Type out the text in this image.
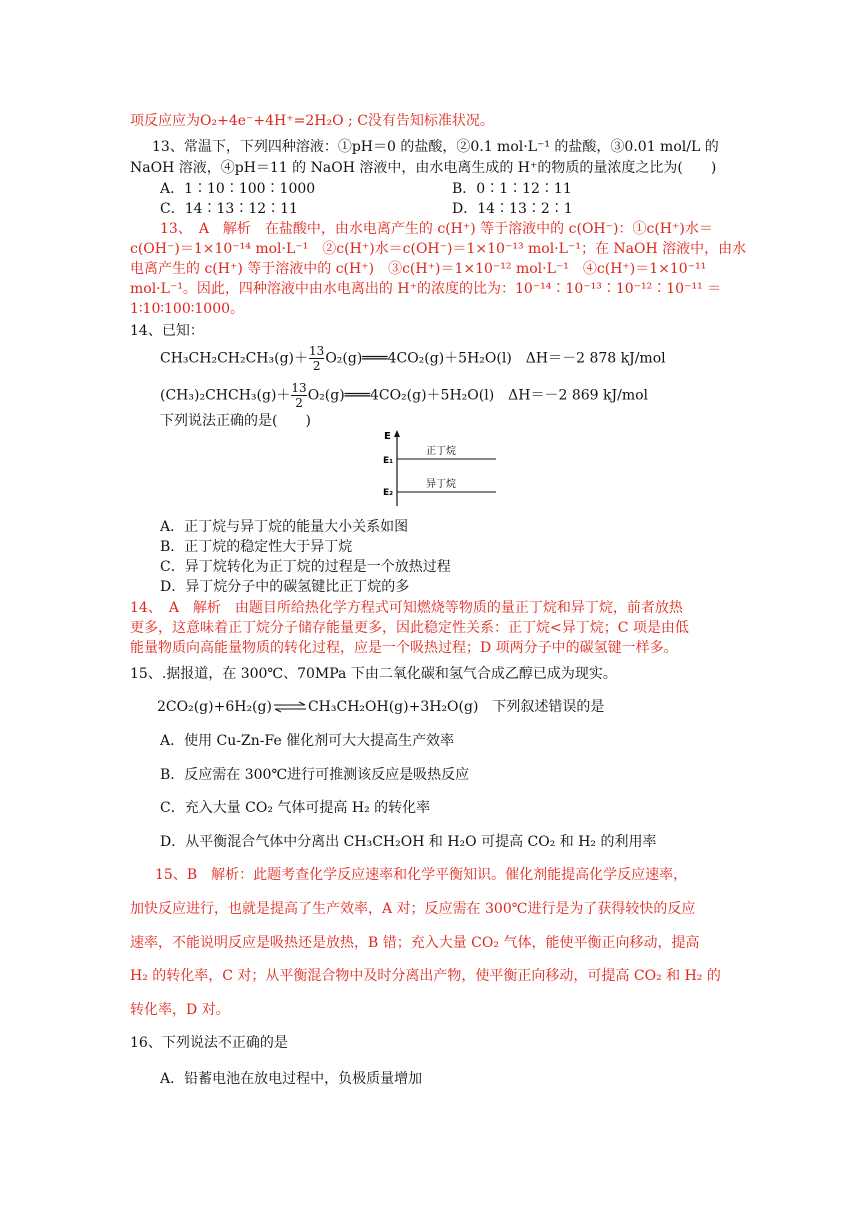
项反应应为O₂+4e⁻+4H⁺=2H₂O ; C没有告知标准状况。
13、常温下，下列四种溶液：①pH＝0 的盐酸，②0.1 mol·L⁻¹ 的盐酸，③0.01 mol/L 的
NaOH 溶液，④pH＝11 的 NaOH 溶液中，由水电离生成的 H⁺的物质的量浓度之比为(　　)
A．1∶10∶100∶1000	B．0∶1∶12∶11
C．14∶13∶12∶11	D．14∶13∶2∶1
13、　A　解析　在盐酸中，由水电离产生的 c(H⁺) 等于溶液中的 c(OH⁻)：①c(H⁺)水＝
c(OH⁻)＝1×10⁻¹⁴ mol·L⁻¹　②c(H⁺)水＝c(OH⁻)＝1×10⁻¹³ mol·L⁻¹；在 NaOH 溶液中，由水
电离产生的 c(H⁺) 等于溶液中的 c(H⁺)　③c(H⁺)＝1×10⁻¹² mol·L⁻¹　④c(H⁺)＝1×10⁻¹¹
mol·L⁻¹。因此，四种溶液中由水电离出的 H⁺的浓度的比为：10⁻¹⁴∶10⁻¹³∶10⁻¹²∶10⁻¹¹ ＝
1∶10∶100∶1000。
14、已知：
$CH_3CH_2CH_2CH_3(g)+ \frac{13}{2}$ O₂(g)═══4CO₂(g)＋5H₂O(l)　ΔH＝－2 878 kJ/mol
(CH₃)₂CHCH₃(g)＋ $\frac{13}{2}$ O₂(g)═══4CO₂(g)＋5H₂O(l)　ΔH＝－2 869 kJ/mol
下列说法正确的是(　　)
E
E₁
E₂
正丁烷
异丁烷
A．正丁烷与异丁烷的能量大小关系如图
B．正丁烷的稳定性大于异丁烷
C．异丁烷转化为正丁烷的过程是一个放热过程
D．异丁烷分子中的碳氢键比正丁烷的多
14、　A　解析　由题目所给热化学方程式可知燃烧等物质的量正丁烷和异丁烷，前者放热
更多，这意味着正丁烷分子储存能量更多，因此稳定性关系：正丁烷<异丁烷；C 项是由低
能量物质向高能量物质的转化过程，应是一个吸热过程；D 项两分子中的碳氢键一样多。
15、.据报道，在 300℃、70MPa 下由二氧化碳和氢气合成乙醇已成为现实。
2CO₂(g)+6H₂(g)⇌CH₃CH₂OH(g)+3H₂O(g)　下列叙述错误的是
A．使用 Cu-Zn-Fe 催化剂可大大提高生产效率
B．反应需在 300℃进行可推测该反应是吸热反应
C．充入大量 CO₂ 气体可提高 H₂ 的转化率
D．从平衡混合气体中分离出 CH₃CH₂OH 和 H₂O 可提高 CO₂ 和 H₂ 的利用率
15、B　解析：此题考查化学反应速率和化学平衡知识。催化剂能提高化学反应速率，
加快反应进行，也就是提高了生产效率，A 对；反应需在 300℃进行是为了获得较快的反应
速率，不能说明反应是吸热还是放热，B 错；充入大量 CO₂ 气体，能使平衡正向移动，提高
H₂ 的转化率，C 对；从平衡混合物中及时分离出产物，使平衡正向移动，可提高 CO₂ 和 H₂ 的
转化率，D 对。
16、下列说法不正确的是
A．铅蓄电池在放电过程中，负极质量增加
